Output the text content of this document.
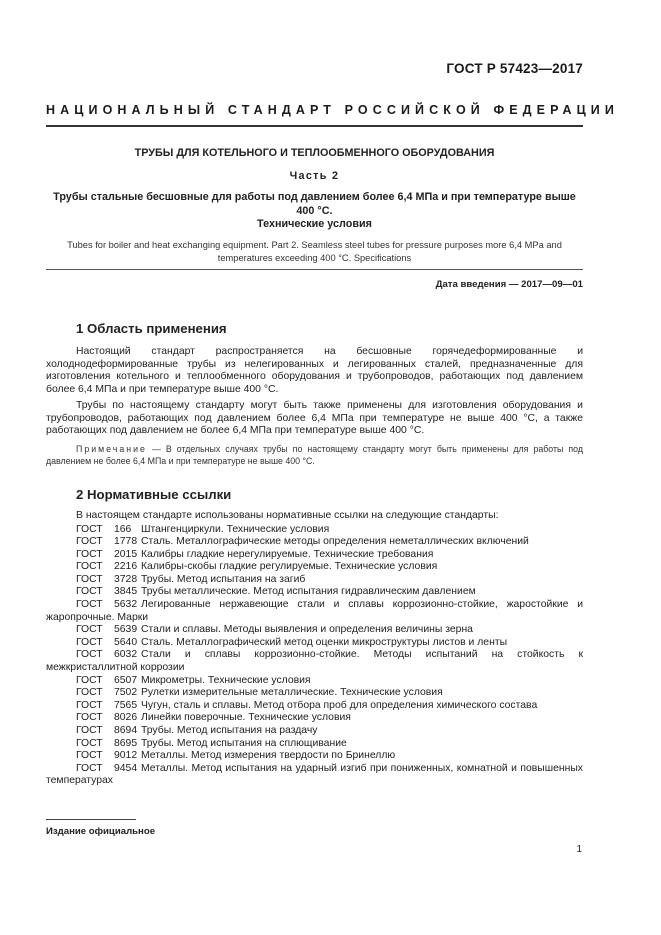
ГОСТ Р 57423—2017
НАЦИОНАЛЬНЫЙ СТАНДАРТ РОССИЙСКОЙ ФЕДЕРАЦИИ
ТРУБЫ ДЛЯ КОТЕЛЬНОГО И ТЕПЛООБМЕННОГО ОБОРУДОВАНИЯ
Часть 2
Трубы стальные бесшовные для работы под давлением более 6,4 МПа и при температуре выше 400 °С.
Технические условия
Tubes for boiler and heat exchanging equipment. Part 2. Seamless steel tubes for pressure purposes more 6,4 MPa and temperatures exceeding 400 °C. Specifications
Дата введения — 2017—09—01
1 Область применения

Настоящий стандарт распространяется на бесшовные горячедеформированные и холоднодеформированные трубы из нелегированных и легированных сталей, предназначенные для изготовления котельного и теплообменного оборудования и трубопроводов, работающих под давлением более 6,4 МПа и при температуре выше 400 °С.

Трубы по настоящему стандарту могут быть также применены для изготовления оборудования и трубопроводов, работающих под давлением более 6,4 МПа при температуре не выше 400 °С, а также работающих под давлением не более 6,4 МПа при температуре выше 400 °С.

Примечание — В отдельных случаях трубы по настоящему стандарту могут быть применены для работы под давлением не более 6,4 МПа и при температуре не выше 400 °С.

2 Нормативные ссылки

В настоящем стандарте использованы нормативные ссылки на следующие стандарты:

ГОСТ 166 Штангенциркули. Технические условия
ГОСТ 1778 Сталь. Металлографические методы определения неметаллических включений
ГОСТ 2015 Калибры гладкие нерегулируемые. Технические требования
ГОСТ 2216 Калибры-скобы гладкие регулируемые. Технические условия
ГОСТ 3728 Трубы. Метод испытания на загиб
ГОСТ 3845 Трубы металлические. Метод испытания гидравлическим давлением
ГОСТ 5632 Легированные нержавеющие стали и сплавы коррозионно-стойкие, жаростойкие и жаропрочные. Марки
ГОСТ 5639 Стали и сплавы. Методы выявления и определения величины зерна
ГОСТ 5640 Сталь. Металлографический метод оценки микроструктуры листов и ленты
ГОСТ 6032 Стали и сплавы коррозионно-стойкие. Методы испытаний на стойкость к межкристаллитной коррозии
ГОСТ 6507 Микрометры. Технические условия
ГОСТ 7502 Рулетки измерительные металлические. Технические условия
ГОСТ 7565 Чугун, сталь и сплавы. Метод отбора проб для определения химического состава
ГОСТ 8026 Линейки поверочные. Технические условия
ГОСТ 8694 Трубы. Метод испытания на раздачу
ГОСТ 8695 Трубы. Метод испытания на сплющивание
ГОСТ 9012 Металлы. Метод измерения твердости по Бринеллю
ГОСТ 9454 Металлы. Метод испытания на ударный изгиб при пониженных, комнатной и повышенных температурах
Издание официальное
1
